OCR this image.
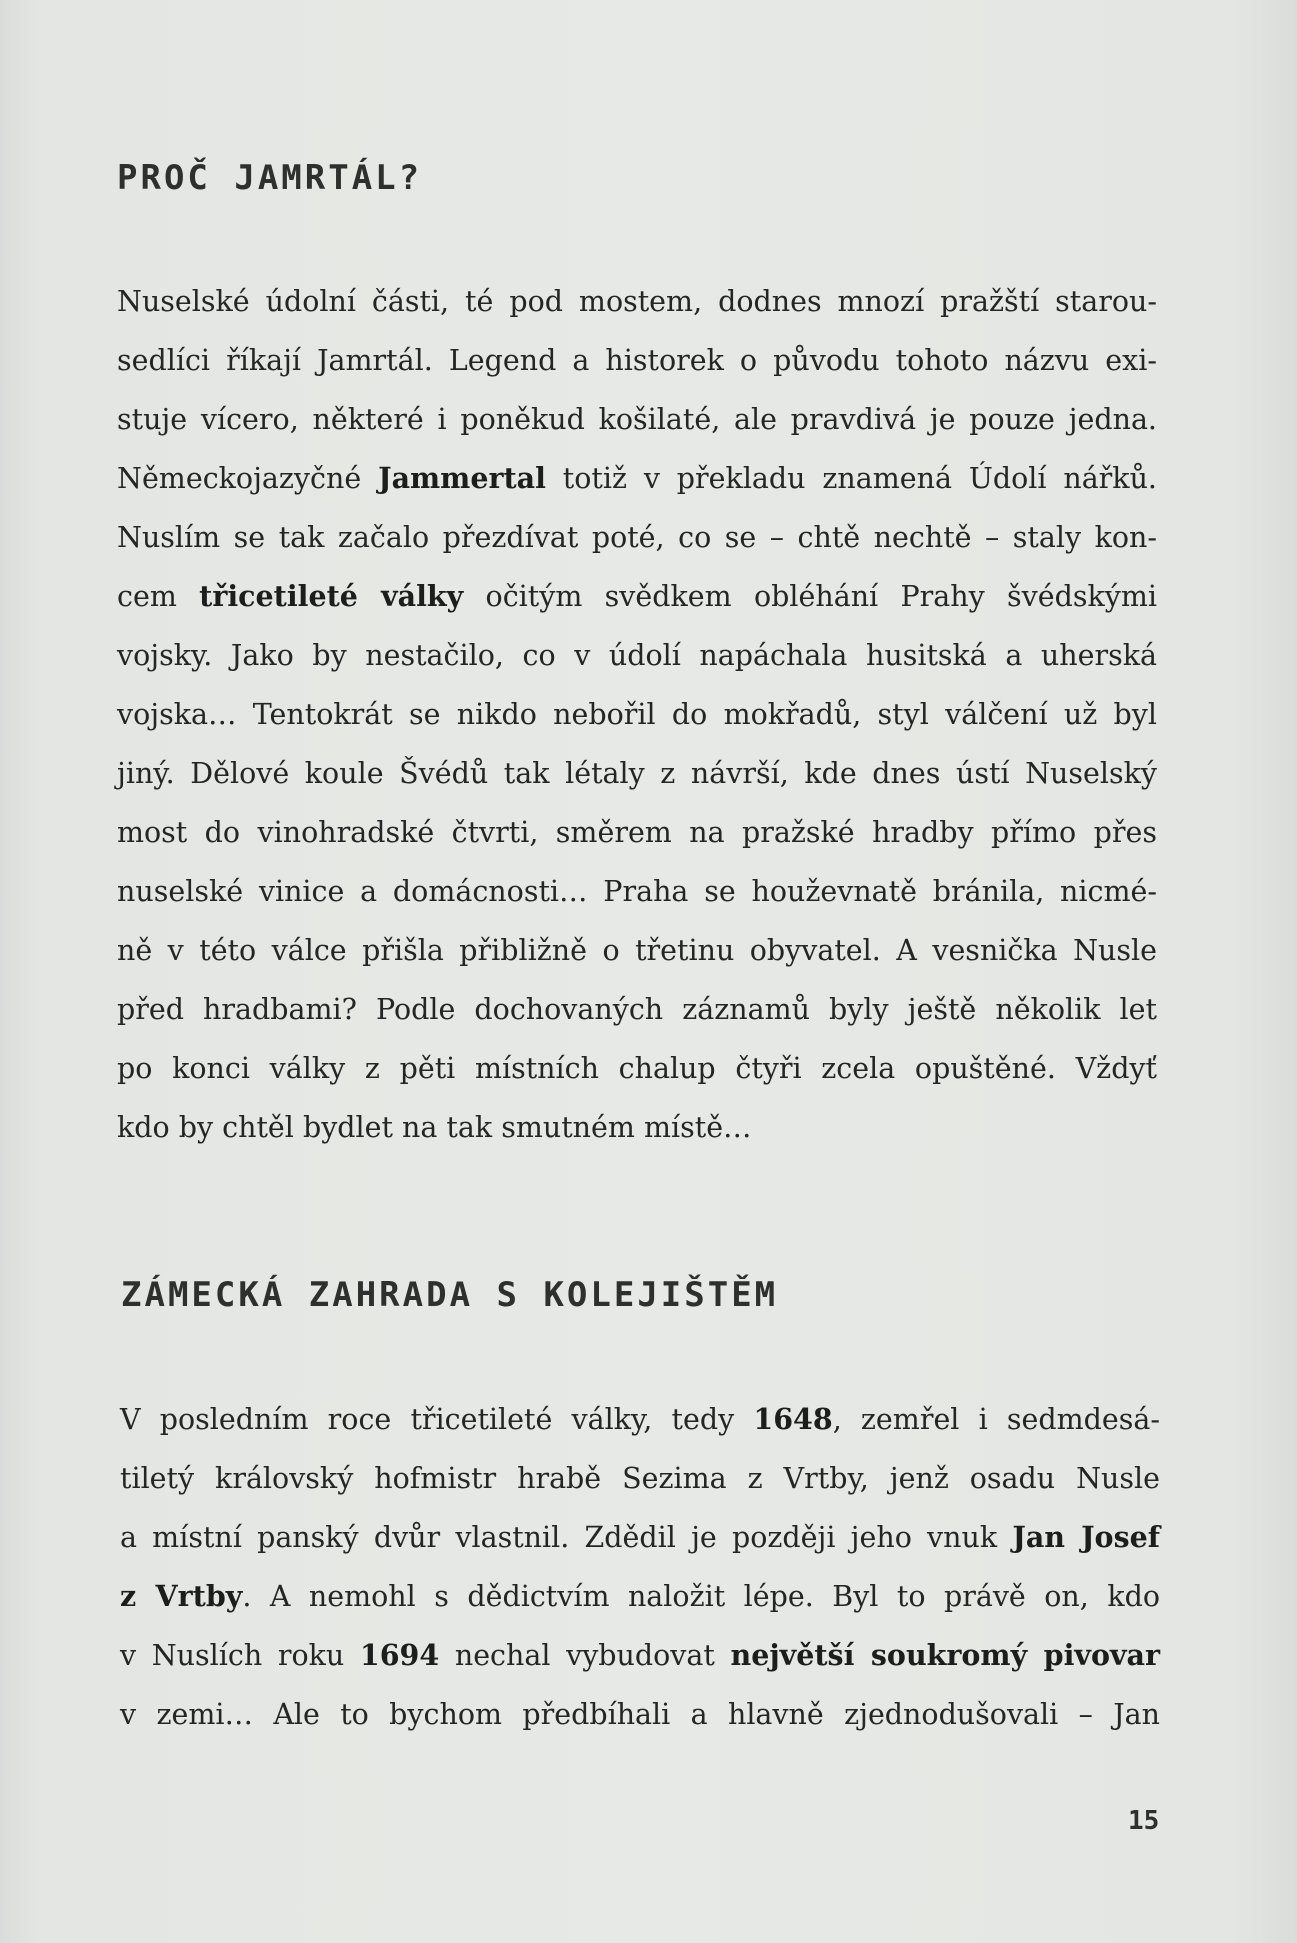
PROČ JAMRTÁL?
Nuselské údolní části, té pod mostem, dodnes mnozí pražští starou-
sedlíci říkají Jamrtál. Legend a historek o původu tohoto názvu exi-
stuje vícero, některé i poněkud košilaté, ale pravdivá je pouze jedna.
Německojazyčné Jammertal totiž v překladu znamená Údolí nářků.
Nuslím se tak začalo přezdívat poté, co se – chtě nechtě – staly kon-
cem třicetileté války očitým svědkem obléhání Prahy švédskými
vojsky. Jako by nestačilo, co v údolí napáchala husitská a uherská
vojska… Tentokrát se nikdo nebořil do mokřadů, styl válčení už byl
jiný. Dělové koule Švédů tak létaly z návrší, kde dnes ústí Nuselský
most do vinohradské čtvrti, směrem na pražské hradby přímo přes
nuselské vinice a domácnosti… Praha se houževnatě bránila, nicmé-
ně v této válce přišla přibližně o třetinu obyvatel. A vesnička Nusle
před hradbami? Podle dochovaných záznamů byly ještě několik let
po konci války z pěti místních chalup čtyři zcela opuštěné. Vždyť
kdo by chtěl bydlet na tak smutném místě…
ZÁMECKÁ ZAHRADA S KOLEJIŠTĚM
V posledním roce třicetileté války, tedy 1648, zemřel i sedmdesá-
tiletý královský hofmistr hrabě Sezima z Vrtby, jenž osadu Nusle
a místní panský dvůr vlastnil. Zdědil je později jeho vnuk Jan Josef
z Vrtby. A nemohl s dědictvím naložit lépe. Byl to právě on, kdo
v Nuslích roku 1694 nechal vybudovat největší soukromý pivovar
v zemi… Ale to bychom předbíhali a hlavně zjednodušovali – Jan
15
